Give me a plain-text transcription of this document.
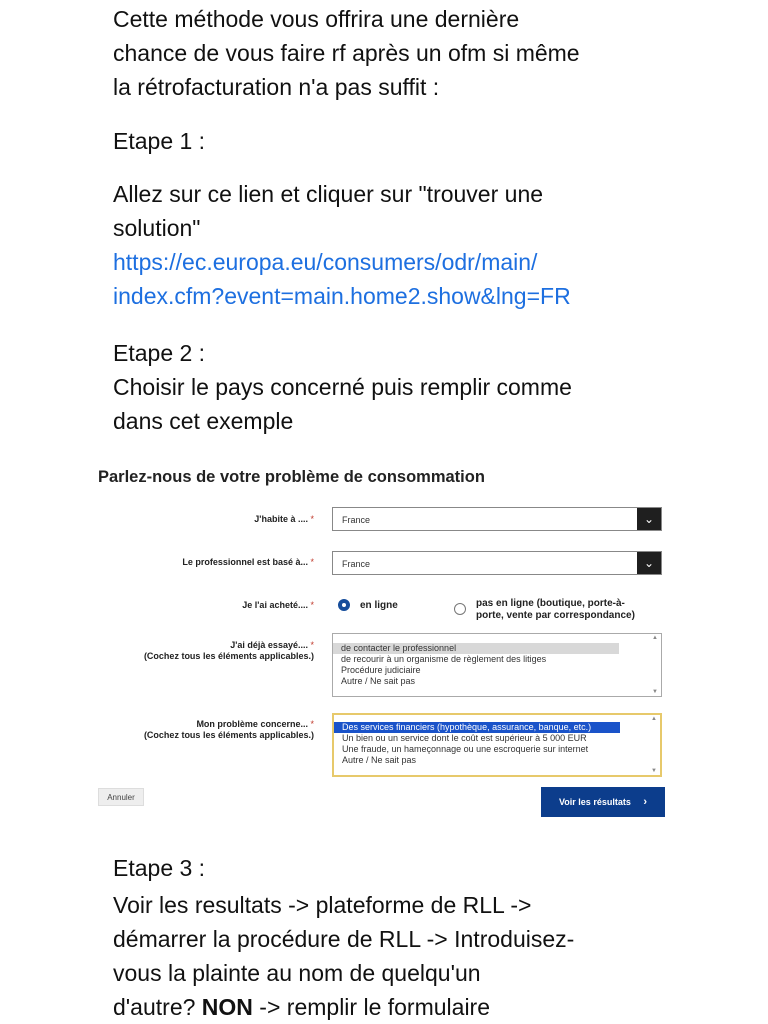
Cette méthode vous offrira une dernière
chance de vous faire rf après un ofm si même
la rétrofacturation n'a pas suffit :
Etape 1 :
Allez sur ce lien et cliquer sur "trouver une
solution"
https://ec.europa.eu/consumers/odr/main/
index.cfm?event=main.home2.show&lng=FR
Etape 2 :
Choisir le pays concerné puis remplir comme
dans cet exemple
Parlez-nous de votre problème de consommation
J'habite à .... *	France	⌄
Le professionnel est basé à... *	France	⌄
Je l'ai acheté.... *	en ligne	pas en ligne (boutique, porte-à-
porte, vente par correspondance)
J'ai déjà essayé.... *
(Cochez tous les éléments applicables.)
de contacter le professionnel
de recourir à un organisme de règlement des litiges
Procédure judiciaire
Autre / Ne sait pas
▲
▼
Mon problème concerne... *
(Cochez tous les éléments applicables.)
Des services financiers (hypothèque, assurance, banque, etc.)
Un bien ou un service dont le coût est supérieur à 5 000 EUR
Une fraude, un hameçonnage ou une escroquerie sur internet
Autre / Ne sait pas
▲
▼
Annuler	Voir les résultats ›

Etape 3 :

Voir les resultats -> plateforme de RLL ->

démarrer la procédure de RLL -> Introduisez-

vous la plainte au nom de quelqu'un

d'autre? NON -> remplir le formulaire
